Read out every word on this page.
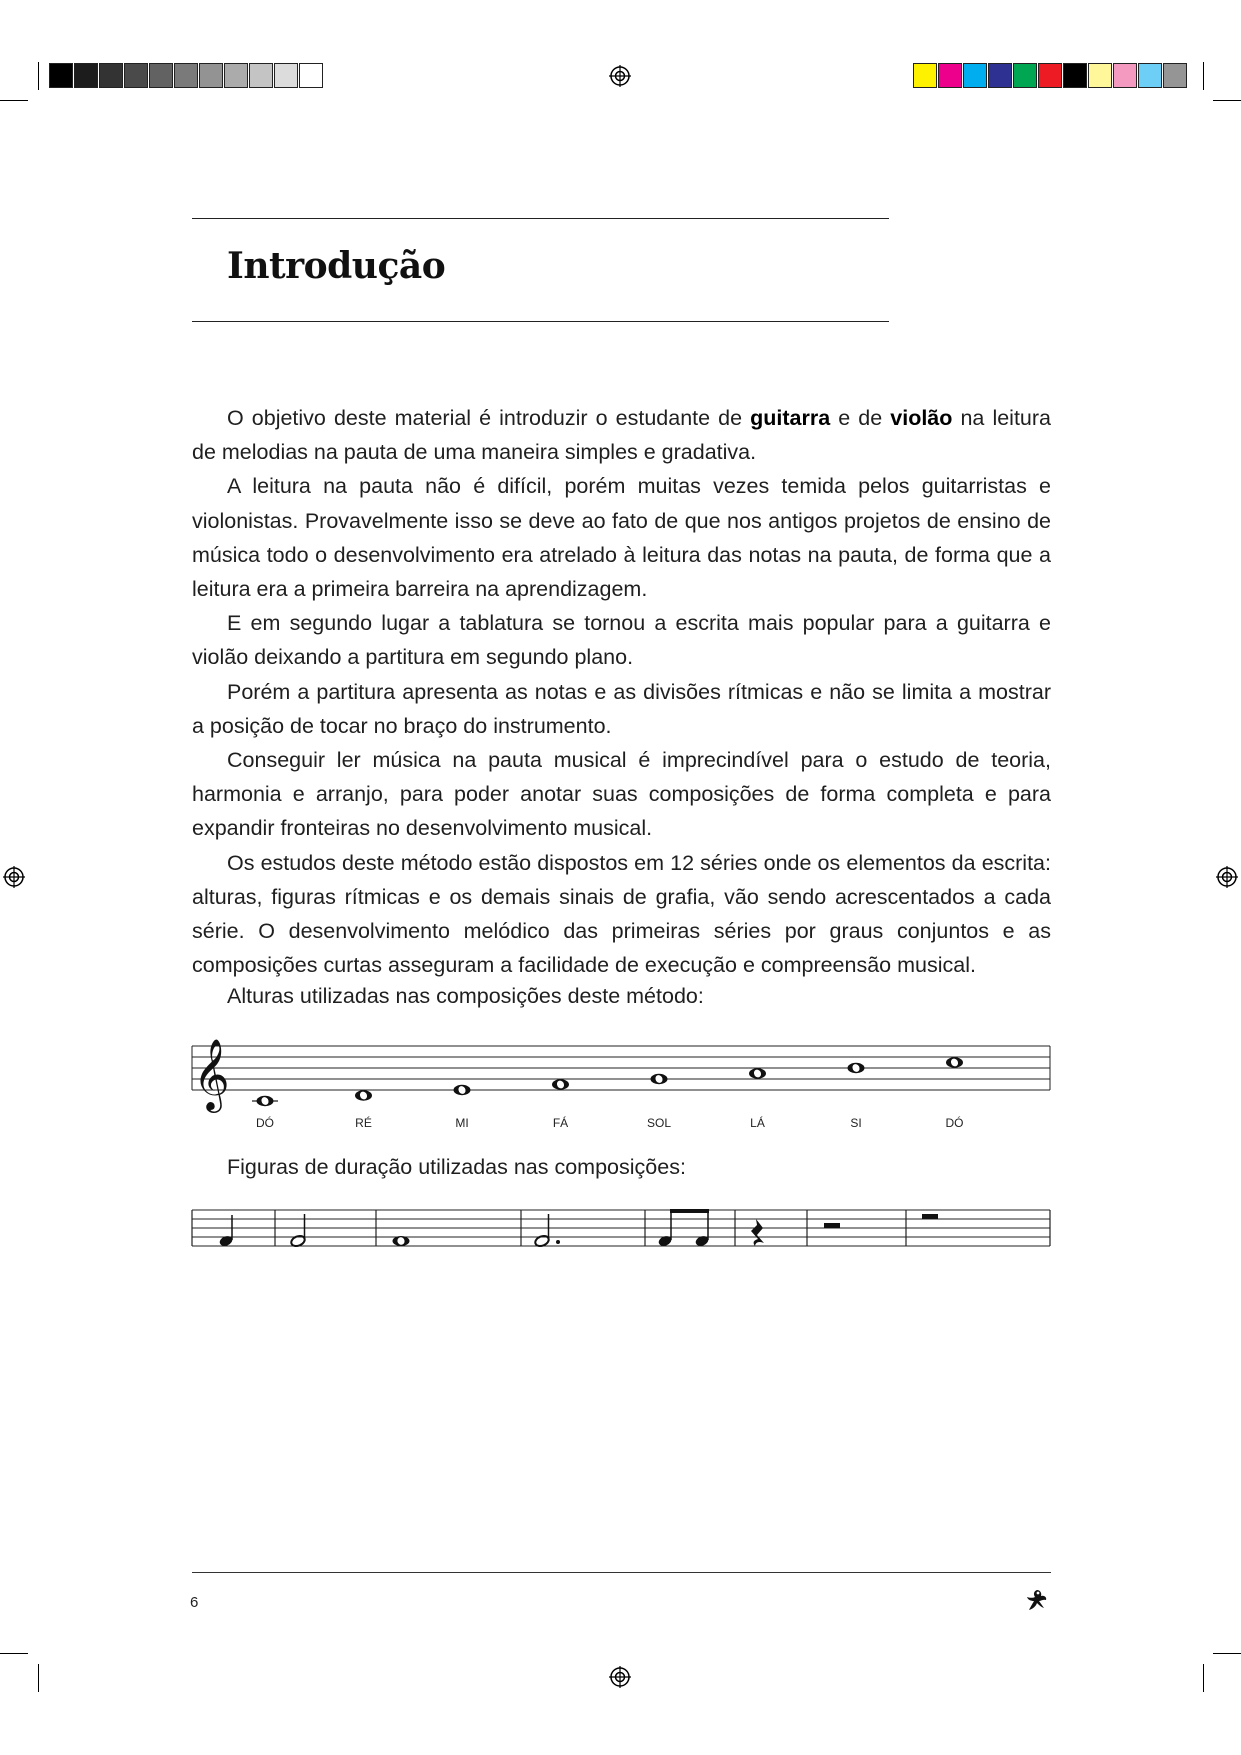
Introdução

O objetivo deste material é introduzir o estudante de guitarra e de violão na leitura de melodias na pauta de uma maneira simples e gradativa.

A leitura na pauta não é difícil, porém muitas vezes temida pelos guitarristas e violonistas. Provavelmente isso se deve ao fato de que nos antigos projetos de ensino de música todo o desenvolvimento era atrelado à leitura das notas na pauta, de forma que a leitura era a primeira barreira na aprendizagem.

E em segundo lugar a tablatura se tornou a escrita mais popular para a guitarra e violão deixando a partitura em segundo plano.

Porém a partitura apresenta as notas e as divisões rítmicas e não se limita a mostrar a posição de tocar no braço do instrumento.

Conseguir ler música na pauta musical é imprecindível para o estudo de teoria, harmonia e arranjo, para poder anotar suas composições de forma completa e para expandir fronteiras no desenvolvimento musical.

Os estudos deste método estão dispostos em 12 séries onde os elementos da escrita: alturas, figuras rítmicas e os demais sinais de grafia, vão sendo acrescentados a cada série. O desenvolvimento melódico das primeiras séries por graus conjuntos e as composições curtas asseguram a facilidade de execução e compreensão musical.

Alturas utilizadas nas composições deste método:

𝄞
DÓ	RÉ	MI	FÁ	SOL	LÁ	SI	DÓ

Figuras de duração utilizadas nas composições:

6
